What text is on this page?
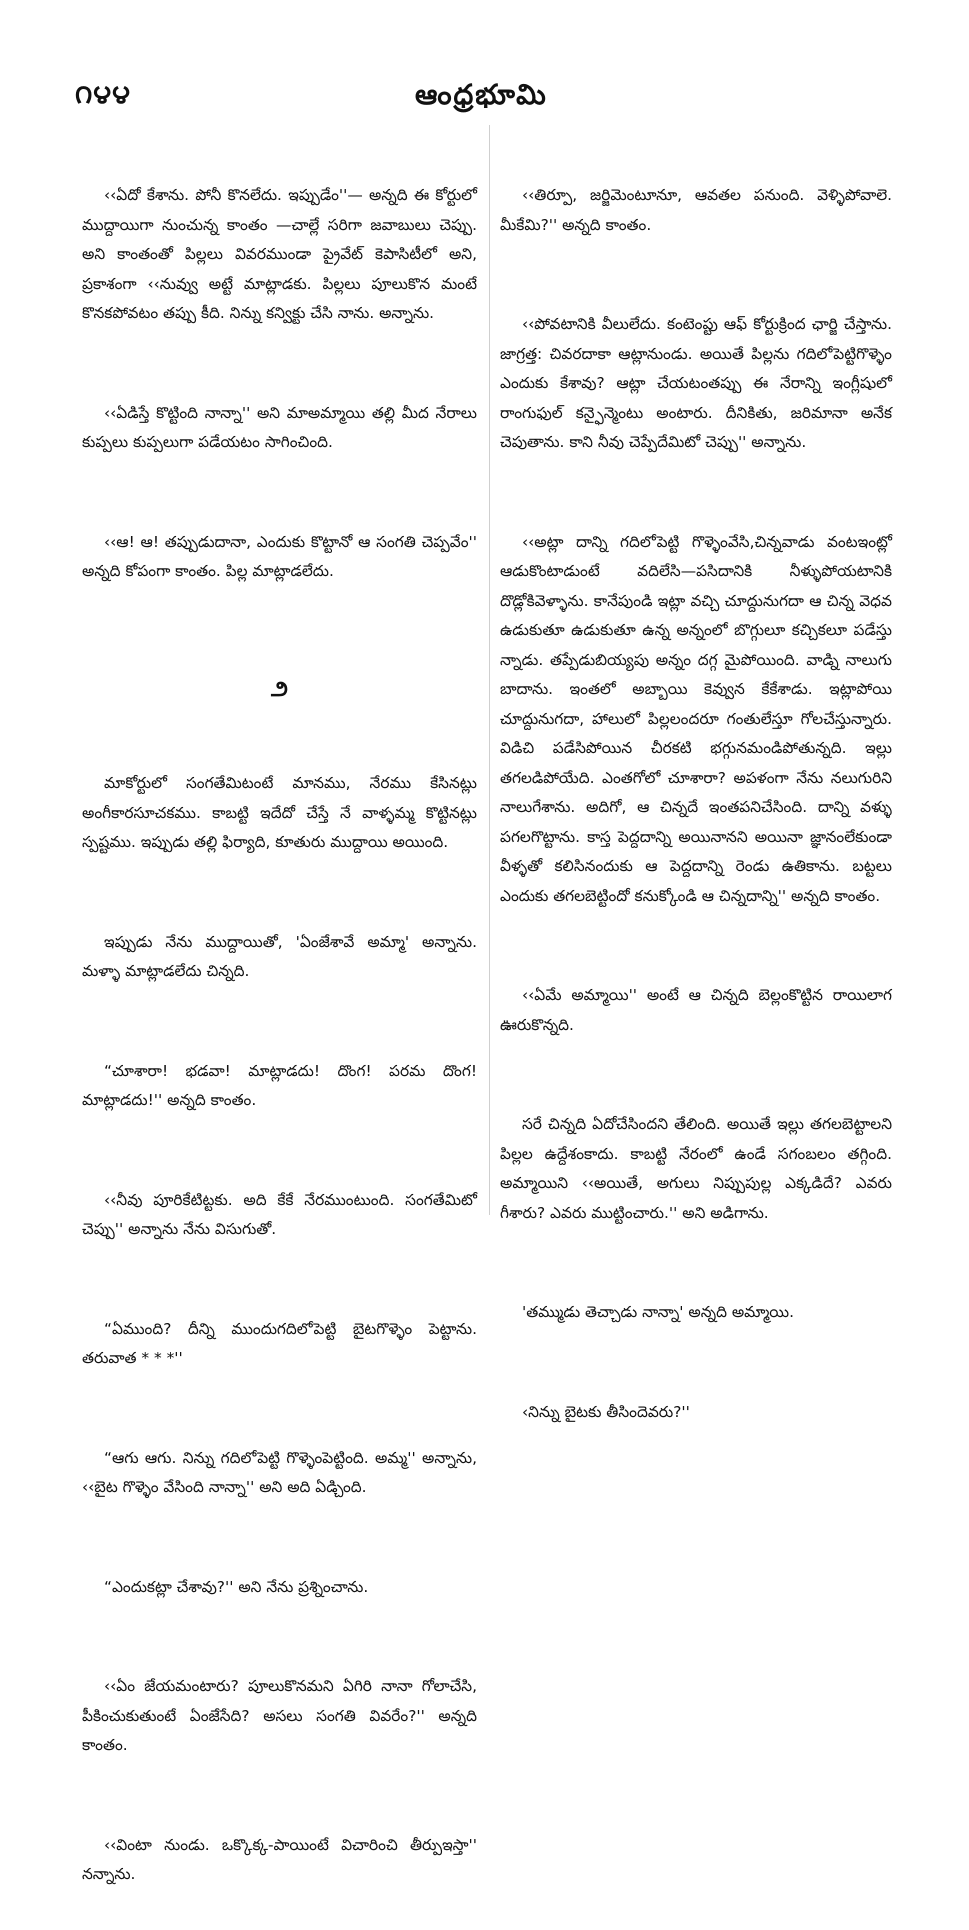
౧౪౪	ఆంధ్రభూమి

‹‹ఏదో కేశాను. పోనీ కొనలేదు. ఇప్పుడేం''— అన్నది ఈ కోర్టులో ముద్దాయిగా నుంచున్న కాంతం —చాల్లే సరిగా జవాబులు చెప్పు. అని కాంతంతో పిల్లలు వివరముండా ప్రైవేట్ కెపాసిటీలో అని, ప్రకాశంగా ‹‹నువ్వు అట్టే మాట్లాడకు. పిల్లలు పూలుకొన మంటే కొనకపోవటం తప్పు కీది. నిన్ను కన్విక్టు చేసి నాను. అన్నాను.

‹‹ఏడిస్తే కొట్టింది నాన్నా'' అని మాఅమ్మాయి తల్లి మీద నేరాలు కుప్పలు కుప్పలుగా పడేయటం సాగించింది.

‹‹ఆ! ఆ! తప్పుడుదానా, ఎందుకు కొట్టానో ఆ సంగతి చెప్పవేం'' అన్నది కోపంగా కాంతం. పిల్ల మాట్లాడలేదు.

౨

మాకోర్టులో సంగతేమిటంటే మానము, నేరము కేసినట్లు అంగీకారసూచకము. కాబట్టి ఇదేదో చేస్తే నే వాళ్ళమ్మ కొట్టినట్లు స్పష్టము. ఇప్పుడు తల్లి ఫిర్యాది, కూతురు ముద్దాయి అయింది.

ఇప్పుడు నేను ముద్దాయితో, 'ఏంజేశావే అమ్మా' అన్నాను. మళ్ళా మాట్లాడలేదు చిన్నది.

“చూశారా! భడవా! మాట్లాడదు! దొంగ! పరమ దొంగ! మాట్లాడదు!'' అన్నది కాంతం.

‹‹నీవు పూరికేటిట్టకు. అది కేకే నేరముంటుంది. సంగతేమిటో చెప్పు'' అన్నాను నేను విసుగుతో.

“ఏముంది? దీన్ని ముందుగదిలోపెట్టి బైటగొళ్ళెం పెట్టాను. తరువాత * * *''

“ఆగు ఆగు. నిన్ను గదిలోపెట్టి గొళ్ళెంపెట్టింది. అమ్మ'' అన్నాను, ‹‹బైట గొళ్ళెం వేసింది నాన్నా'' అని అది ఏడ్చింది.

“ఎందుకట్లా చేశావు?'' అని నేను ప్రశ్నించాను.

‹‹ఏం జేయమంటారు? పూలుకొనమని ఏగిరి నానా గోలాచేసి, పీకించుకుతుంటే ఏంజేసేది? అసలు సంగతి వివరేం?'' అన్నది కాంతం.

‹‹వింటా నుండు. ఒక్కొక్క-పాయింటే విచారించి తీర్పుఇస్తా'' నన్నాను.

‹‹తిర్పూ, జర్జిమెంటూనూ, ఆవతల పనుంది. వెళ్ళిపోవాలె. మీకేమి?'' అన్నది కాంతం.

‹‹పోవటానికి వీలులేదు. కంటెంప్టు ఆఫ్ కోర్టుక్రింద ఛార్జి చేస్తాను. జాగ్రత్త: చివరదాకా ఆట్లానుండు. అయితే పిల్లను గదిలోపెట్టిగొళ్ళెం ఎందుకు కేశావు? ఆట్లా చేయటంతప్పు ఈ నేరాన్ని ఇంగ్లీషులో రాంగుఫుల్ కన్ఫైన్మెంటు అంటారు. దీనికితు, జరిమానా అనేక చెపుతాను. కాని నీవు చెప్పేదేమిటో చెప్పు'' అన్నాను.

‹‹అట్లా దాన్ని గదిలోపెట్టి గొళ్ళెంవేసి,చిన్నవాడు వంటఇంట్లో ఆడుకొంటాడుంటే వదిలేసి—పసిదానికి నీళ్ళుపోయటానికి దొడ్లోకివెళ్ళాను. కానేపుండి ఇట్లా వచ్చి చూద్దునుగదా ఆ చిన్న వెధవ ఉడుకుతూ ఉడుకుతూ ఉన్న అన్నంలో బొగ్గులూ కచ్చికలూ పడేస్తు న్నాడు. తప్పేడుబియ్యపు అన్నం దగ్గ మైపోయింది. వాడ్ని నాలుగు బాదాను. ఇంతలో అబ్బాయి కెవ్వున కేకేశాడు. ఇట్లాపోయి చూద్దునుగదా, హాలులో పిల్లలందరూ గంతులేస్తూ గోలచేస్తున్నారు. విడిచి పడేసిపోయిన చీరకటి భగ్గునమండిపోతున్నది. ఇల్లు తగలడిపోయేది. ఎంతగోలో చూశారా? అపళంగా నేను నలుగురిని నాలుగేశాను. అదిగో, ఆ చిన్నదే ఇంతపనిచేసింది. దాన్ని వళ్ళు పగలగొట్టాను. కాస్త పెద్దదాన్ని అయినానని అయినా జ్ఞానంలేకుండా వీళ్ళతో కలిసినందుకు ఆ పెద్దదాన్ని రెండు ఉతికాను. బట్టలు ఎందుకు తగలబెట్టిందో కనుక్కోండి ఆ చిన్నదాన్ని'' అన్నది కాంతం.

‹‹ఏమే అమ్మాయి'' అంటే ఆ చిన్నది బెల్లంకొట్టిన రాయిలాగ ఊరుకొన్నది.

సరే చిన్నది ఏదోచేసిందని తేలింది. అయితే ఇల్లు తగలబెట్టాలని పిల్లల ఉద్దేశంకాదు. కాబట్టి నేరంలో ఉండే సగంబలం తగ్గింది. అమ్మాయిని ‹‹అయితే, అగులు నిప్పుపుల్ల ఎక్కడిదే? ఎవరు గీశారు? ఎవరు ముట్టించారు.'' అని అడిగాను.

'తమ్ముడు తెచ్చాడు నాన్నా' అన్నది అమ్మాయి.

‹నిన్ను బైటకు తీసిందెవరు?''
